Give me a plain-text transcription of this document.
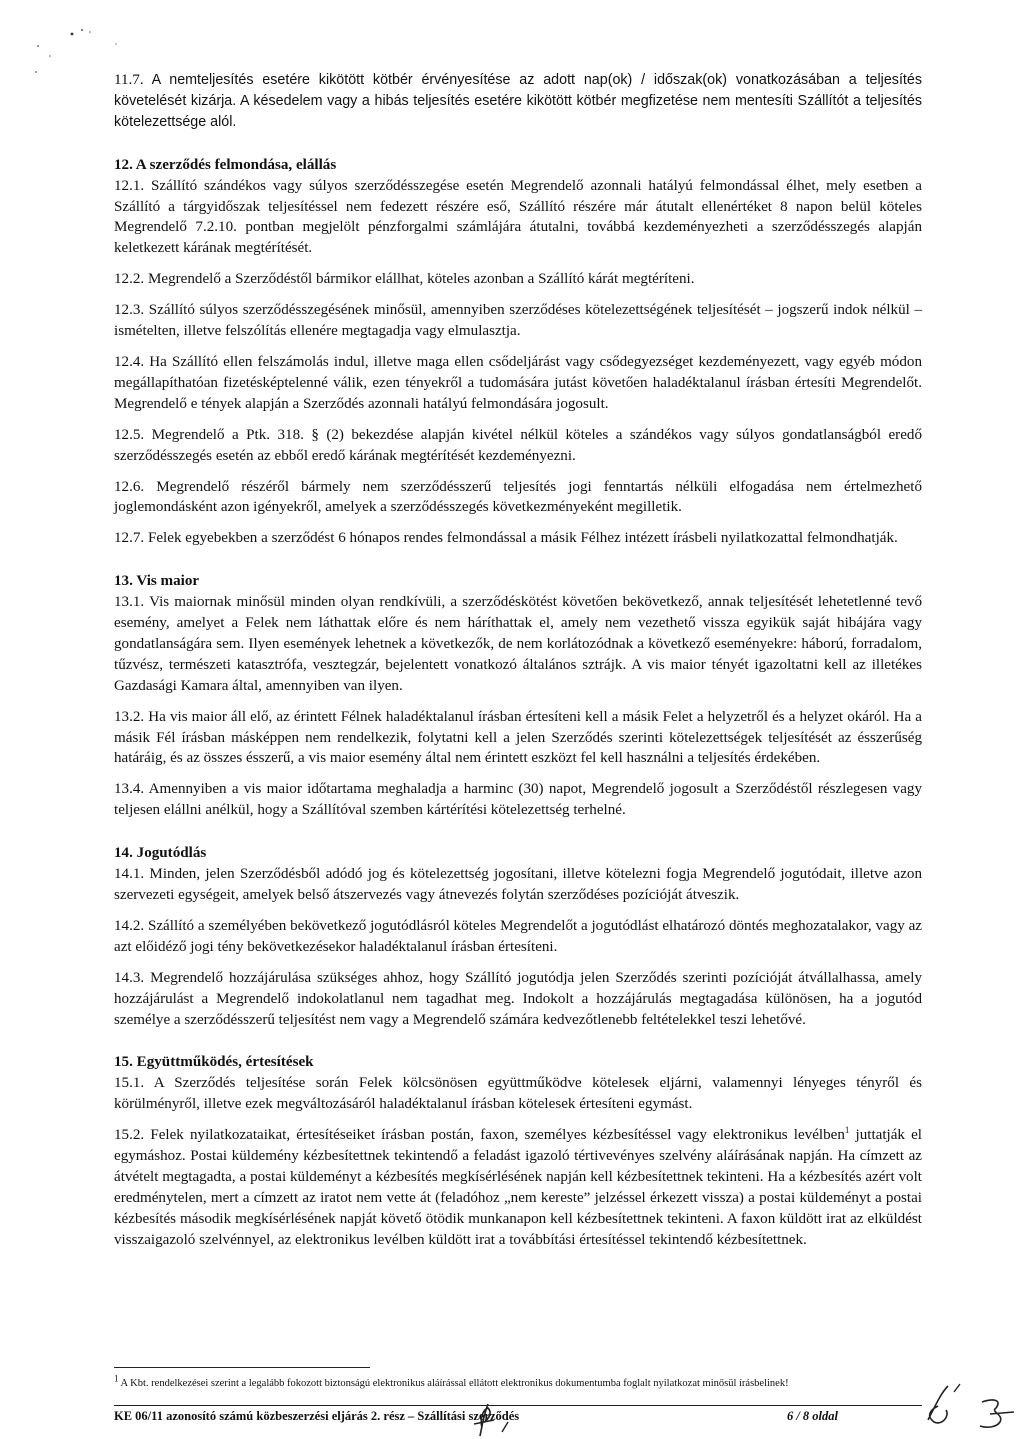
11.7. A nemteljesítés esetére kikötött kötbér érvényesítése az adott nap(ok) / időszak(ok) vonatkozásában a teljesítés követelését kizárja. A késedelem vagy a hibás teljesítés esetére kikötött kötbér megfizetése nem mentesíti Szállítót a teljesítés kötelezettsége alól.

12. A szerződés felmondása, elállás

12.1. Szállító szándékos vagy súlyos szerződésszegése esetén Megrendelő azonnali hatályú felmondással élhet, mely esetben a Szállító a tárgyidőszak teljesítéssel nem fedezett részére eső, Szállító részére már átutalt ellenértéket 8 napon belül köteles Megrendelő 7.2.10. pontban megjelölt pénzforgalmi számlájára átutalni, továbbá kezdeményezheti a szerződésszegés alapján keletkezett kárának megtérítését.

12.2. Megrendelő a Szerződéstől bármikor elállhat, köteles azonban a Szállító kárát megtéríteni.

12.3. Szállító súlyos szerződésszegésének minősül, amennyiben szerződéses kötelezettségének teljesítését – jogszerű indok nélkül – ismételten, illetve felszólítás ellenére megtagadja vagy elmulasztja.

12.4. Ha Szállító ellen felszámolás indul, illetve maga ellen csődeljárást vagy csődegyezséget kezdeményezett, vagy egyéb módon megállapíthatóan fizetésképtelenné válik, ezen tényekről a tudomására jutást követően haladéktalanul írásban értesíti Megrendelőt. Megrendelő e tények alapján a Szerződés azonnali hatályú felmondására jogosult.

12.5. Megrendelő a Ptk. 318. § (2) bekezdése alapján kivétel nélkül köteles a szándékos vagy súlyos gondatlanságból eredő szerződésszegés esetén az ebből eredő kárának megtérítését kezdeményezni.

12.6. Megrendelő részéről bármely nem szerződésszerű teljesítés jogi fenntartás nélküli elfogadása nem értelmezhető joglemondásként azon igényekről, amelyek a szerződésszegés következményeként megilletik.

12.7. Felek egyebekben a szerződést 6 hónapos rendes felmondással a másik Félhez intézett írásbeli nyilatkozattal felmondhatják.

13. Vis maior

13.1. Vis maiornak minősül minden olyan rendkívüli, a szerződéskötést követően bekövetkező, annak teljesítését lehetetlenné tevő esemény, amelyet a Felek nem láthattak előre és nem háríthattak el, amely nem vezethető vissza egyikük saját hibájára vagy gondatlanságára sem. Ilyen események lehetnek a következők, de nem korlátozódnak a következő eseményekre: háború, forradalom, tűzvész, természeti katasztrófa, vesztegzár, bejelentett vonatkozó általános sztrájk. A vis maior tényét igazoltatni kell az illetékes Gazdasági Kamara által, amennyiben van ilyen.

13.2. Ha vis maior áll elő, az érintett Félnek haladéktalanul írásban értesíteni kell a másik Felet a helyzetről és a helyzet okáról. Ha a másik Fél írásban másképpen nem rendelkezik, folytatni kell a jelen Szerződés szerinti kötelezettségek teljesítését az ésszerűség határáig, és az összes ésszerű, a vis maior esemény által nem érintett eszközt fel kell használni a teljesítés érdekében.

13.4. Amennyiben a vis maior időtartama meghaladja a harminc (30) napot, Megrendelő jogosult a Szerződéstől részlegesen vagy teljesen elállni anélkül, hogy a Szállítóval szemben kártérítési kötelezettség terhelné.

14. Jogutódlás

14.1. Minden, jelen Szerződésből adódó jog és kötelezettség jogosítani, illetve kötelezni fogja Megrendelő jogutódait, illetve azon szervezeti egységeit, amelyek belső átszervezés vagy átnevezés folytán szerződéses pozícióját átveszik.

14.2. Szállító a személyében bekövetkező jogutódlásról köteles Megrendelőt a jogutódlást elhatározó döntés meghozatalakor, vagy az azt előidéző jogi tény bekövetkezésekor haladéktalanul írásban értesíteni.

14.3. Megrendelő hozzájárulása szükséges ahhoz, hogy Szállító jogutódja jelen Szerződés szerinti pozícióját átvállalhassa, amely hozzájárulást a Megrendelő indokolatlanul nem tagadhat meg. Indokolt a hozzájárulás megtagadása különösen, ha a jogutód személye a szerződésszerű teljesítést nem vagy a Megrendelő számára kedvezőtlenebb feltételekkel teszi lehetővé.

15. Együttműködés, értesítések

15.1. A Szerződés teljesítése során Felek kölcsönösen együttműködve kötelesek eljárni, valamennyi lényeges tényről és körülményről, illetve ezek megváltozásáról haladéktalanul írásban kötelesek értesíteni egymást.

15.2. Felek nyilatkozataikat, értesítéseiket írásban postán, faxon, személyes kézbesítéssel vagy elektronikus levélben$^1$ juttatják el egymáshoz. Postai küldemény kézbesítettnek tekintendő a feladást igazoló tértivevényes szelvény aláírásának napján. Ha címzett az átvételt megtagadta, a postai küldeményt a kézbesítés megkísérlésének napján kell kézbesítettnek tekinteni. Ha a kézbesítés azért volt eredménytelen, mert a címzett az iratot nem vette át (feladóhoz „nem kereste” jelzéssel érkezett vissza) a postai küldeményt a postai kézbesítés második megkísérlésének napját követő ötödik munkanapon kell kézbesítettnek tekinteni. A faxon küldött irat az elküldést visszaigazoló szelvénnyel, az elektronikus levélben küldött irat a továbbítási értesítéssel tekintendő kézbesítettnek.

$^1$ A Kbt. rendelkezései szerint a legalább fokozott biztonságú elektronikus aláírással ellátott elektronikus dokumentumba foglalt nyilatkozat minősül írásbelinek!
KE 06/11 azonosító számú közbeszerzési eljárás 2. rész – Szállítási szerződés	6 / 8 oldal
